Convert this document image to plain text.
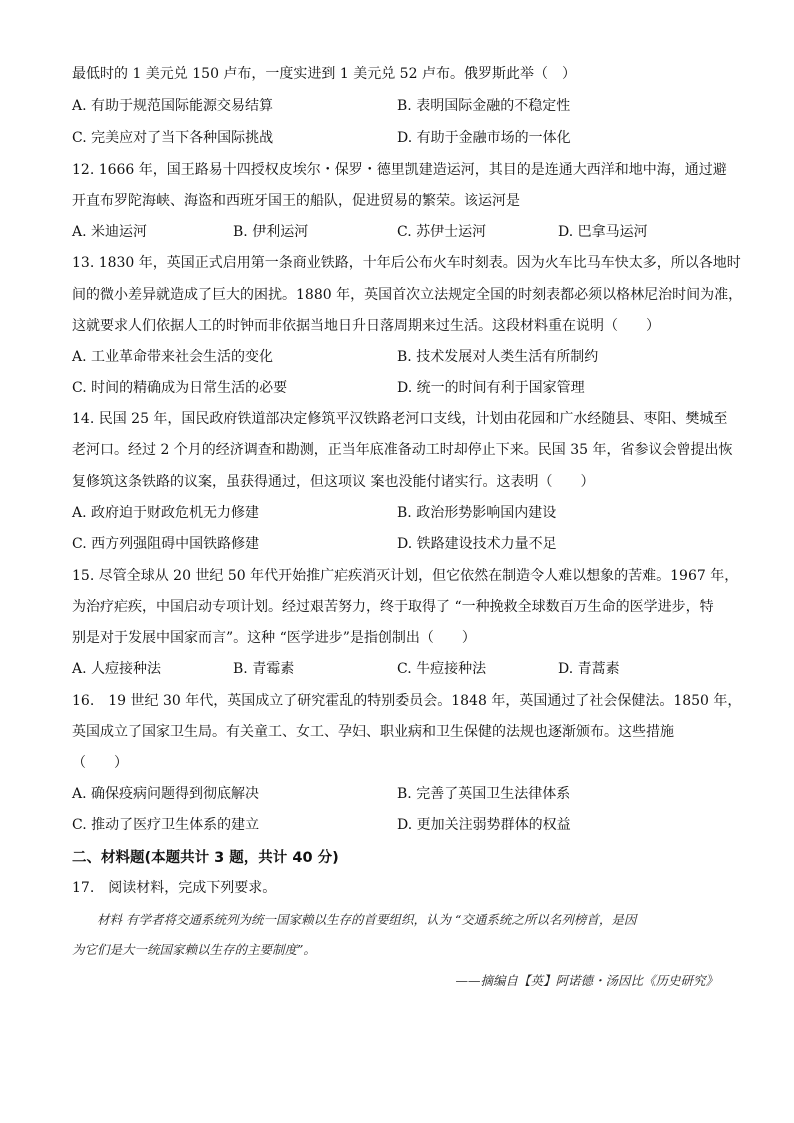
最低时的 1 美元兑 150 卢布，一度实进到 1 美元兑 52 卢布。俄罗斯此举（　）
A. 有助于规范国际能源交易结算	B. 表明国际金融的不稳定性
C. 完美应对了当下各种国际挑战	D. 有助于金融市场的一体化
12. 1666 年，国王路易十四授权皮埃尔・保罗・德里凯建造运河，其目的是连通大西洋和地中海，通过避
开直布罗陀海峡、海盗和西班牙国王的船队，促进贸易的繁荣。该运河是
A. 米迪运河	B. 伊利运河	C. 苏伊士运河	D. 巴拿马运河
13. 1830 年，英国正式启用第一条商业铁路，十年后公布火车时刻表。因为火车比马车快太多，所以各地时
间的微小差异就造成了巨大的困扰。1880 年，英国首次立法规定全国的时刻表都必须以格林尼治时间为准，
这就要求人们依据人工的时钟而非依据当地日升日落周期来过生活。这段材料重在说明（　　）
A. 工业革命带来社会生活的变化	B. 技术发展对人类生活有所制约
C. 时间的精确成为日常生活的必要	D. 统一的时间有利于国家管理
14. 民国 25 年，国民政府铁道部决定修筑平汉铁路老河口支线，计划由花园和广水经随县、枣阳、樊城至
老河口。经过 2 个月的经济调查和勘测，正当年底准备动工时却停止下来。民国 35 年，省参议会曾提出恢
复修筑这条铁路的议案，虽获得通过，但这项议 案也没能付诸实行。这表明（　　）
A. 政府迫于财政危机无力修建	B. 政治形势影响国内建设
C. 西方列强阻碍中国铁路修建	D. 铁路建设技术力量不足
15. 尽管全球从 20 世纪 50 年代开始推广疟疾消灭计划，但它依然在制造令人难以想象的苦难。1967 年，
为治疗疟疾，中国启动专项计划。经过艰苦努力，终于取得了 “一种挽救全球数百万生命的医学进步，特
别是对于发展中国家而言”。这种 “医学进步”是指创制出（　　）
A. 人痘接种法	B. 青霉素	C. 牛痘接种法	D. 青蒿素
16.　19 世纪 30 年代，英国成立了研究霍乱的特别委员会。1848 年，英国通过了社会保健法。1850 年，
英国成立了国家卫生局。有关童工、女工、孕妇、职业病和卫生保健的法规也逐渐颁布。这些措施
（　　）
A. 确保疫病问题得到彻底解决	B. 完善了英国卫生法律体系
C. 推动了医疗卫生体系的建立	D. 更加关注弱势群体的权益
二、材料题(本题共计 3 题，共计 40 分)
17.　阅读材料，完成下列要求。
　　材料 有学者将交通系统列为统一国家赖以生存的首要组织，认为 “交通系统之所以名列榜首，是因
为它们是大一统国家赖以生存的主要制度”。
——摘编自【英】阿诺德・汤因比《历史研究》
